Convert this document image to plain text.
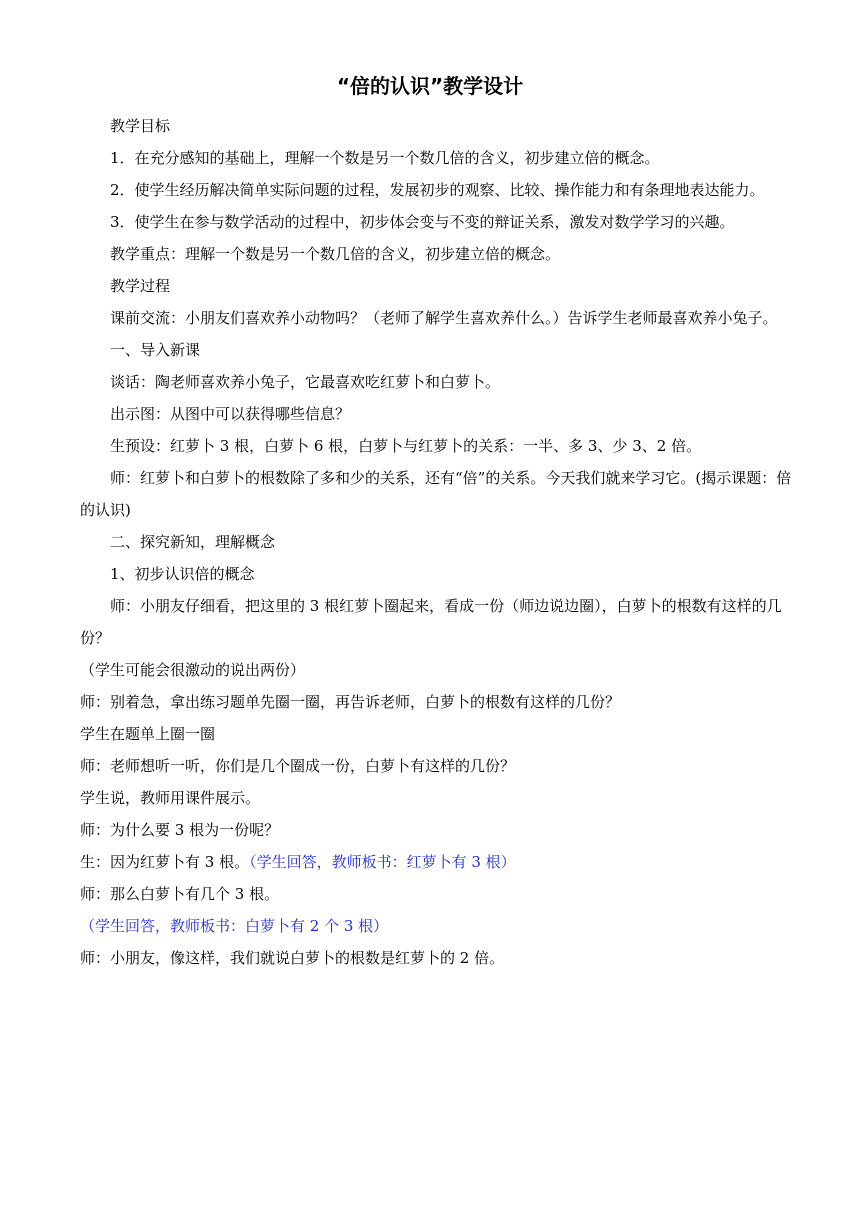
“倍的认识”教学设计

教学目标

1．在充分感知的基础上，理解一个数是另一个数几倍的含义，初步建立倍的概念。

2．使学生经历解决简单实际问题的过程，发展初步的观察、比较、操作能力和有条理地表达能力。

3．使学生在参与数学活动的过程中，初步体会变与不变的辩证关系，激发对数学学习的兴趣。

教学重点：理解一个数是另一个数几倍的含义，初步建立倍的概念。

教学过程

课前交流：小朋友们喜欢养小动物吗？（老师了解学生喜欢养什么。）告诉学生老师最喜欢养小兔子。

一、导入新课

谈话：陶老师喜欢养小兔子，它最喜欢吃红萝卜和白萝卜。

出示图：从图中可以获得哪些信息？

生预设：红萝卜 3 根，白萝卜 6 根，白萝卜与红萝卜的关系：一半、多 3、少 3、2 倍。

师：红萝卜和白萝卜的根数除了多和少的关系，还有“倍”的关系。今天我们就来学习它。(揭示课题：倍的认识)

二、探究新知，理解概念

1、初步认识倍的概念

师：小朋友仔细看，把这里的 3 根红萝卜圈起来，看成一份（师边说边圈），白萝卜的根数有这样的几份？

（学生可能会很激动的说出两份）

师：别着急，拿出练习题单先圈一圈，再告诉老师，白萝卜的根数有这样的几份？

学生在题单上圈一圈

师：老师想听一听，你们是几个圈成一份，白萝卜有这样的几份？

学生说，教师用课件展示。

师：为什么要 3 根为一份呢？

生：因为红萝卜有 3 根。（学生回答，教师板书：红萝卜有 3 根）

师：那么白萝卜有几个 3 根。

（学生回答，教师板书：白萝卜有 2 个 3 根）

师：小朋友，像这样，我们就说白萝卜的根数是红萝卜的 2 倍。
